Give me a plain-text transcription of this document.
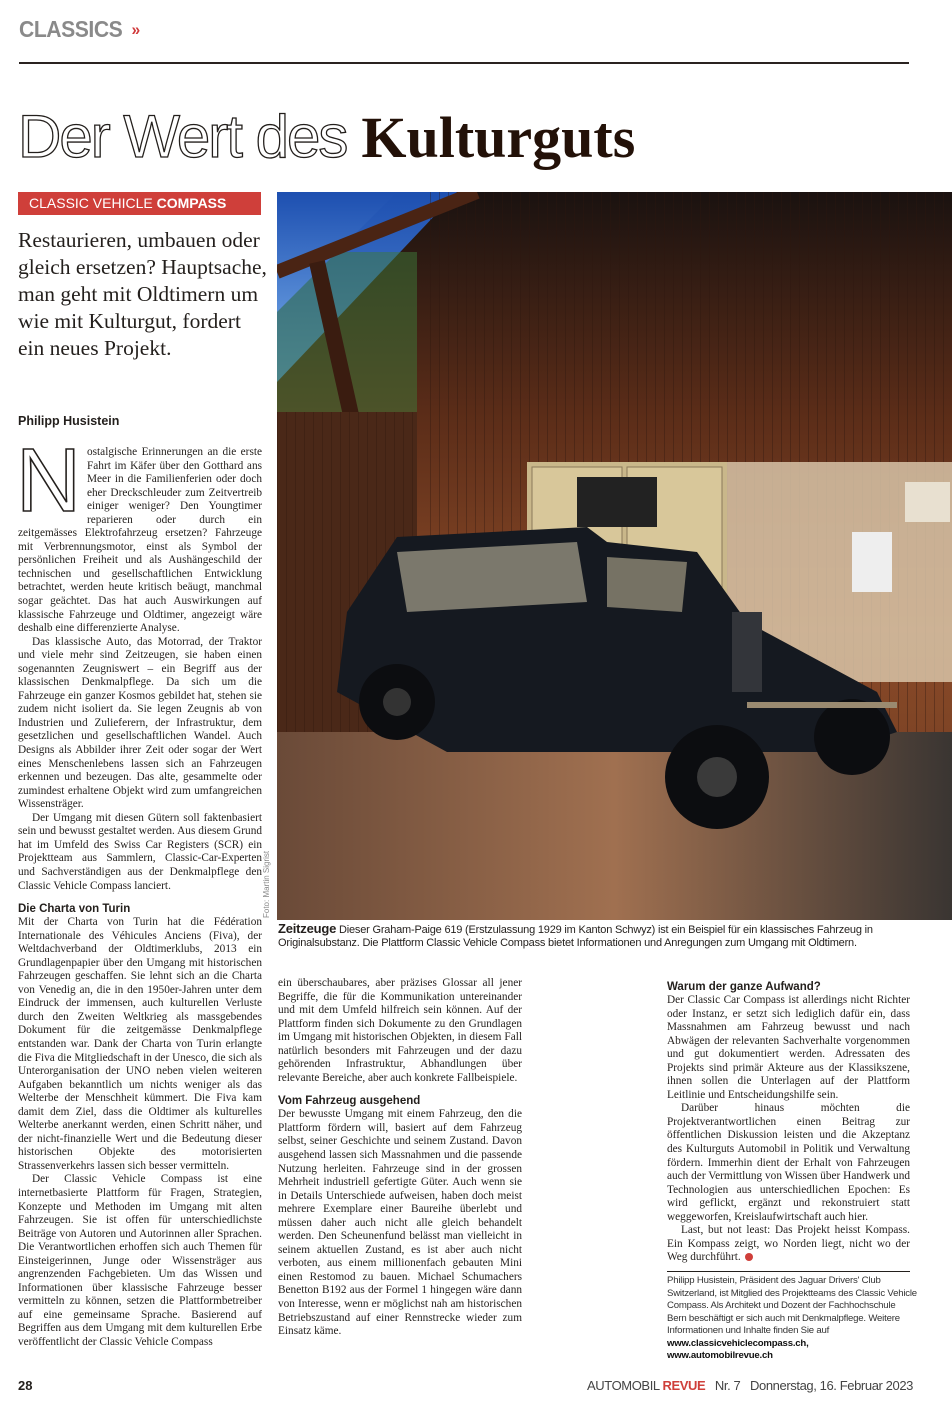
CLASSICS »
Der Wert des Kulturguts
CLASSIC VEHICLE COMPASS
Restaurieren, umbauen oder gleich ersetzen? Hauptsache, man geht mit Oldtimern um wie mit Kulturgut, fordert ein neues Projekt.
Philipp Husistein

Nostalgische Erinnerungen an die erste Fahrt im Käfer über den Gotthard ans Meer in die Familienferien oder doch eher Dreckschleuder zum Zeitvertreib einiger weniger? Den Youngtimer reparieren oder durch ein zeitgemässes Elektrofahrzeug ersetzen? Fahrzeuge mit Verbrennungsmotor, einst als Symbol der persönlichen Freiheit und als Aushängeschild der technischen und gesellschaftlichen Entwicklung betrachtet, werden heute kritisch beäugt, manchmal sogar geächtet. Das hat auch Auswirkungen auf klassische Fahrzeuge und Oldtimer, angezeigt wäre deshalb eine differenzierte Analyse.

Das klassische Auto, das Motorrad, der Traktor und viele mehr sind Zeitzeugen, sie haben einen sogenannten Zeugniswert – ein Begriff aus der klassischen Denkmalpflege. Da sich um die Fahrzeuge ein ganzer Kosmos gebildet hat, stehen sie zudem nicht isoliert da. Sie legen Zeugnis ab von Industrien und Zulieferern, der Infrastruktur, dem gesetzlichen und gesellschaftlichen Wandel. Auch Designs als Abbilder ihrer Zeit oder sogar der Wert eines Menschenlebens lassen sich an Fahrzeugen erkennen und bezeugen. Das alte, gesammelte oder zumindest erhaltene Objekt wird zum umfangreichen Wissensträger.

Der Umgang mit diesen Gütern soll faktenbasiert sein und bewusst gestaltet werden. Aus diesem Grund hat im Umfeld des Swiss Car Registers (SCR) ein Projektteam aus Sammlern, Classic-Car-Experten und Sachverständigen aus der Denkmalpflege den Classic Vehicle Compass lanciert.

Die Charta von Turin

Mit der Charta von Turin hat die Fédération Internationale des Véhicules Anciens (Fiva), der Weltdachverband der Oldtimerklubs, 2013 ein Grundlagenpapier über den Umgang mit historischen Fahrzeugen geschaffen. Sie lehnt sich an die Charta von Venedig an, die in den 1950er-Jahren unter dem Eindruck der immensen, auch kulturellen Verluste durch den Zweiten Weltkrieg als massgebendes Dokument für die zeitgemässe Denkmalpflege entstanden war. Dank der Charta von Turin erlangte die Fiva die Mitgliedschaft in der Unesco, die sich als Unterorganisation der UNO neben vielen weiteren Aufgaben bekanntlich um nichts weniger als das Welterbe der Menschheit kümmert. Die Fiva kam damit dem Ziel, dass die Oldtimer als kulturelles Welterbe anerkannt werden, einen Schritt näher, und der nicht-finanzielle Wert und die Bedeutung dieser historischen Objekte des motorisierten Strassenverkehrs lassen sich besser vermitteln.

Der Classic Vehicle Compass ist eine internetbasierte Plattform für Fragen, Strategien, Konzepte und Methoden im Umgang mit alten Fahrzeugen. Sie ist offen für unterschiedlichste Beiträge von Autoren und Autorinnen aller Sprachen. Die Verantwortlichen erhoffen sich auch Themen für Einsteigerinnen, Junge oder Wissensträger aus angrenzenden Fachgebieten. Um das Wissen und Informationen über klassische Fahrzeuge besser vermitteln zu können, setzen die Plattformbetreiber auf eine gemeinsame Sprache. Basierend auf Begriffen aus dem Umgang mit dem kulturellen Erbe veröffentlicht der Classic Vehicle Compass

Foto: Martin Sigrist
Zeitzeuge Dieser Graham-Paige 619 (Erstzulassung 1929 im Kanton Schwyz) ist ein Beispiel für ein klassisches Fahrzeug in Originalsubstanz. Die Plattform Classic Vehicle Compass bietet Informationen und Anregungen zum Umgang mit Oldtimern.

ein überschaubares, aber präzises Glossar all jener Begriffe, die für die Kommunikation untereinander und mit dem Umfeld hilfreich sein können. Auf der Plattform finden sich Dokumente zu den Grundlagen im Umgang mit historischen Objekten, in diesem Fall natürlich besonders mit Fahrzeugen und der dazu gehörenden Infrastruktur, Abhandlungen über relevante Bereiche, aber auch konkrete Fallbeispiele.

Vom Fahrzeug ausgehend

Der bewusste Umgang mit einem Fahrzeug, den die Plattform fördern will, basiert auf dem Fahrzeug selbst, seiner Geschichte und seinem Zustand. Davon ausgehend lassen sich Massnahmen und die passende Nutzung herleiten. Fahrzeuge sind in der grossen Mehrheit industriell gefertigte Güter. Auch wenn sie in Details Unterschiede aufweisen, haben doch meist mehrere Exemplare einer Baureihe überlebt und müssen daher auch nicht alle gleich behandelt werden. Den Scheunenfund belässt man vielleicht in seinem aktuellen Zustand, es ist aber auch nicht verboten, aus einem millionenfach gebauten Mini einen Restomod zu bauen. Michael Schumachers Benetton B192 aus der Formel 1 hingegen wäre dann von Interesse, wenn er möglichst nah am historischen Betriebszustand auf einer Rennstrecke wieder zum Einsatz käme.

Warum der ganze Aufwand?

Der Classic Car Compass ist allerdings nicht Richter oder Instanz, er setzt sich lediglich dafür ein, dass Massnahmen am Fahrzeug bewusst und nach Abwägen der relevanten Sachverhalte vorgenommen und gut dokumentiert werden. Adressaten des Projekts sind primär Akteure aus der Klassikszene, ihnen sollen die Unterlagen auf der Plattform Leitlinie und Entscheidungshilfe sein.

Darüber hinaus möchten die Projektverantwortlichen einen Beitrag zur öffentlichen Diskussion leisten und die Akzeptanz des Kulturguts Automobil in Politik und Verwaltung fördern. Immerhin dient der Erhalt von Fahrzeugen auch der Vermittlung von Wissen über Handwerk und Technologien aus unterschiedlichen Epochen: Es wird geflickt, ergänzt und rekonstruiert statt weggeworfen, Kreislaufwirtschaft auch hier.

Last, but not least: Das Projekt heisst Kompass. Ein Kompass zeigt, wo Norden liegt, nicht wo der Weg durchführt.

Philipp Husistein, Präsident des Jaguar Drivers' Club Switzerland, ist Mitglied des Projektteams des Classic Vehicle Compass. Als Architekt und Dozent der Fachhochschule Bern beschäftigt er sich auch mit Denkmalpflege. Weitere Informationen und Inhalte finden Sie auf www.classicvehiclecompass.ch,
www.automobilrevue.ch
28	AUTOMOBIL REVUE Nr. 7 Donnerstag, 16. Februar 2023
